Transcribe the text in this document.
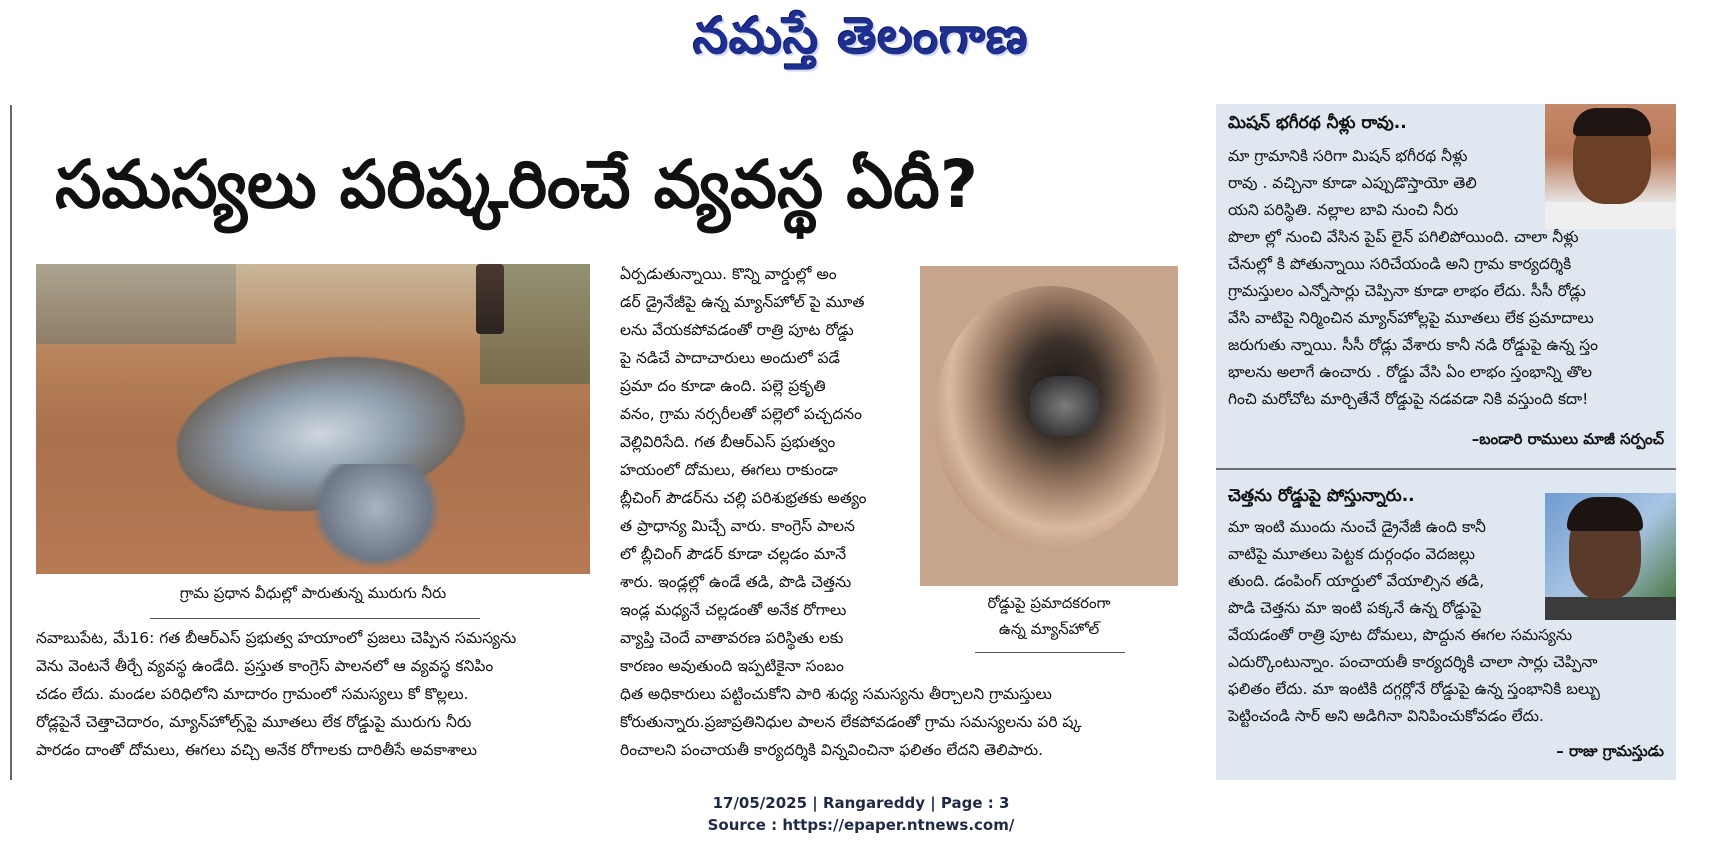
నమస్తే తెలంగాణ
సమస్యలు పరిష్కరించే వ్యవస్థ ఏదీ?
గ్రామ ప్రధాన వీధుల్లో పారుతున్న మురుగు నీరు
రోడ్డుపై ప్రమాదకరంగా
ఉన్న మ్యాన్‌హోల్

నవాబుపేట, మే16: గత బీఆర్‌ఎస్ ప్రభుత్వ హయాంలో ప్రజలు చెప్పిన సమస్యను

వెను వెంటనే తీర్చే వ్యవస్థ ఉండేది. ప్రస్తుత కాంగ్రెస్ పాలనలో ఆ వ్యవస్థ కనిపిం

చడం లేదు. మండల పరిధిలోని మాదారం గ్రామంలో సమస్యలు కో కొల్లలు.

రోడ్లపైనే చెత్తాచెదారం, మ్యాన్‌హోల్స్‌పై మూతలు లేక రోడ్డుపై మురుగు నీరు

పారడం దాంతో దోమలు, ఈగలు వచ్చి అనేక రోగాలకు దారితీసే అవకాశాలు

ఏర్పడుతున్నాయి. కొన్ని వార్డుల్లో అం

డర్ డ్రైనేజీపై ఉన్న మ్యాన్‌హోల్ పై మూత

లను వేయకపోవడంతో రాత్రి పూట రోడ్డు

పై నడిచే పాదాచారులు అందులో పడే

ప్రమా దం కూడా ఉంది. పల్లె ప్రకృతి

వనం, గ్రామ నర్సరీలతో పల్లెలో పచ్చదనం

వెల్లివిరిసేది. గత బీఆర్‌ఎస్ ప్రభుత్వం

హయంలో దోమలు, ఈగలు రాకుండా

బ్లీచింగ్ పౌడర్‌ను చల్లి పరిశుభ్రతకు అత్యం

త ప్రాధాన్య మిచ్చే వారు. కాంగ్రెస్ పాలన

లో బ్లీచింగ్ పౌడర్ కూడా చల్లడం మానే

శారు. ఇండ్లల్లో ఉండే తడి, పొడి చెత్తను

ఇండ్ల మధ్యనే చల్లడంతో అనేక రోగాలు

వ్యాప్తి చెందే వాతావరణ పరిస్థితు లకు

కారణం అవుతుంది ఇప్పటికైనా సంబం

ధిత అధికారులు పట్టించుకోని పారి శుధ్య సమస్యను తీర్చాలని గ్రామస్తులు

కోరుతున్నారు.ప్రజాప్రతినిధుల పాలన లేకపోవడంతో గ్రామ సమస్యలను పరి ష్క

రించాలని పంచాయతీ కార్యదర్శికి విన్నవించినా ఫలితం లేదని తెలిపారు.

మిషన్ భగీరథ నీళ్లు రావు..

మా గ్రామానికి సరిగా మిషన్ భగీరథ నీళ్లు

రావు . వచ్చినా కూడా ఎప్పుడొస్తాయో తెలి

యని పరిస్థితి. నల్లాల బావి నుంచి నీరు

పొలా ల్లో నుంచి వేసిన పైప్ లైన్ పగిలిపోయింది. చాలా నీళ్లు

చేనుల్లో కి పోతున్నాయి సరిచేయండి అని గ్రామ కార్యదర్శికి

గ్రామస్తులం ఎన్నోసార్లు చెప్పినా కూడా లాభం లేదు. సీసీ రోడ్లు

వేసి వాటిపై నిర్మించిన మ్యాన్‌హోల్లపై మూతలు లేక ప్రమాదాలు

జరుగుతు న్నాయి. సీసీ రోడ్లు వేశారు కానీ నడి రోడ్డుపై ఉన్న స్తం

భాలను అలాగే ఉంచారు . రోడ్డు వేసి ఏం లాభం స్తంభాన్ని తొల

గించి మరోచోట మార్చితేనే రోడ్డుపై నడవడా నికి వస్తుంది కదా!

–బండారి రాములు మాజీ సర్పంచ్
చెత్తను రోడ్డుపై పోస్తున్నారు..

మా ఇంటి ముందు నుంచే డ్రైనేజీ ఉంది కానీ

వాటిపై మూతలు పెట్టక దుర్గంధం వెదజల్లు

తుంది. డంపింగ్ యార్డులో వేయాల్సిన తడి,

పొడి చెత్తను మా ఇంటి పక్కనే ఉన్న రోడ్డుపై

వేయడంతో రాత్రి పూట దోమలు, పొద్దున ఈగల సమస్యను

ఎదుర్కొంటున్నాం. పంచాయతీ కార్యదర్శికి చాలా సార్లు చెప్పినా

ఫలితం లేదు. మా ఇంటికి దగ్గర్లోనే రోడ్డుపై ఉన్న స్తంభానికి బల్బు

పెట్టించండి సార్ అని అడిగినా వినిపించుకోవడం లేదు.

– రాజు గ్రామస్తుడు
17/05/2025 | Rangareddy | Page : 3
Source : https://epaper.ntnews.com/
